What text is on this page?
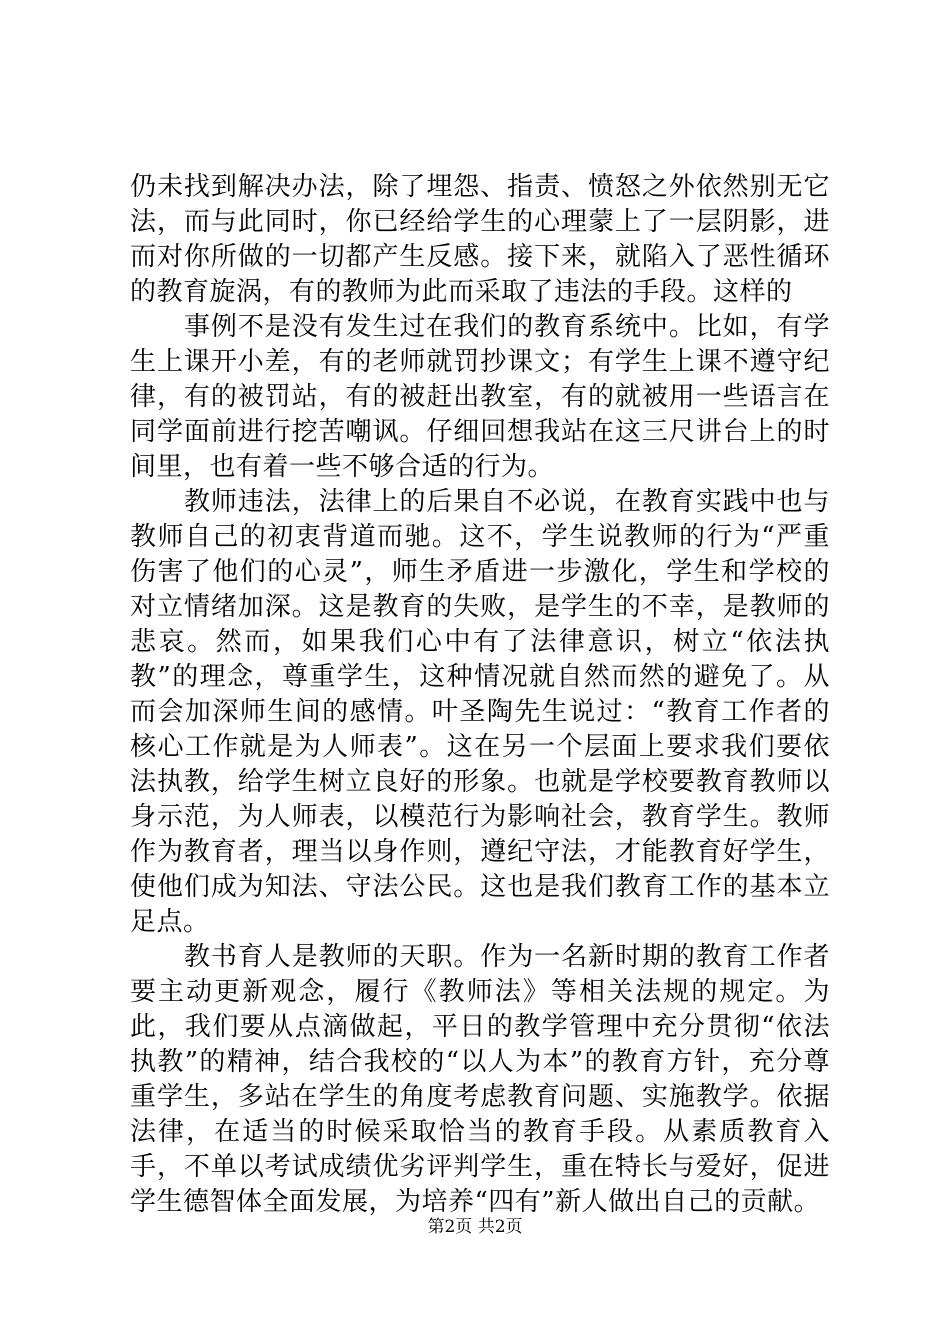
仍未找到解决办法，除了埋怨、指责、愤怒之外依然别无它法，而与此同时，你已经给学生的心理蒙上了一层阴影，进而对你所做的一切都产生反感。接下来，就陷入了恶性循环的教育旋涡，有的教师为此而采取了违法的手段。这样的

事例不是没有发生过在我们的教育系统中。比如，有学生上课开小差，有的老师就罚抄课文；有学生上课不遵守纪律，有的被罚站，有的被赶出教室，有的就被用一些语言在同学面前进行挖苦嘲讽。仔细回想我站在这三尺讲台上的时间里，也有着一些不够合适的行为。

教师违法，法律上的后果自不必说，在教育实践中也与教师自己的初衷背道而驰。这不，学生说教师的行为“严重伤害了他们的心灵”，师生矛盾进一步激化，学生和学校的对立情绪加深。这是教育的失败，是学生的不幸，是教师的悲哀。然而，如果我们心中有了法律意识，树立“依法执教”的理念，尊重学生，这种情况就自然而然的避免了。从而会加深师生间的感情。叶圣陶先生说过：“教育工作者的核心工作就是为人师表”。这在另一个层面上要求我们要依法执教，给学生树立良好的形象。也就是学校要教育教师以身示范，为人师表，以模范行为影响社会，教育学生。教师作为教育者，理当以身作则，遵纪守法，才能教育好学生，使他们成为知法、守法公民。这也是我们教育工作的基本立足点。

教书育人是教师的天职。作为一名新时期的教育工作者要主动更新观念，履行《教师法》等相关法规的规定。为此，我们要从点滴做起，平日的教学管理中充分贯彻“依法执教”的精神，结合我校的“以人为本”的教育方针，充分尊重学生，多站在学生的角度考虑教育问题、实施教学。依据法律，在适当的时候采取恰当的教育手段。从素质教育入手，不单以考试成绩优劣评判学生，重在特长与爱好，促进学生德智体全面发展，为培养“四有”新人做出自己的贡献。

第2页 共2页
